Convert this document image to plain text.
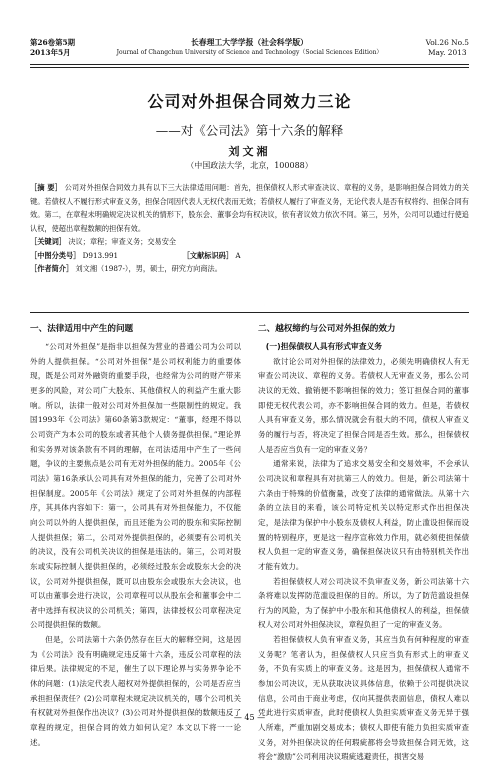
第26卷第5期
2013年5月
长春理工大学学报（社会科学版）
Journal of Changchun University of Science and Technology（Social Sciences Edition）
Vol.26 No.5
May. 2013
公司对外担保合同效力三论
——对《公司法》第十六条的解释
刘文湘
（中国政法大学，北京，100088）
［摘 要］ 公司对外担保合同效力具有以下三大法律适用问题：首先，担保债权人形式审查决议、章程的义务，是影响担保合同效力的关键。若债权人不履行形式审查义务，担保合同因代表人无权代表而无效；若债权人履行了审查义务，无论代表人是否有权将约、担保合同有效。第二，在章程未明确规定决议机关的情形下，股东会、董事会均有权决议，依有者议效力依次不同。第三，另外，公司可以通过行使追认权，使超出章程数额的担保有效。
［关键词］ 决议；章程；审查义务；交易安全
［中图分类号］ D913.991	［文献标识码］ A
［作者简介］ 刘文湘（1987-），男，硕士，研究方向商法。
一、法律适用中产生的问题

“公司对外担保”是指非以担保为营业的普通公司为公司以外的人提供担保。“公司对外担保”是公司权利能力的重要体现，既是公司对外融资的重要手段，也经常为公司的财产带来更多的风险，对公司广大股东、其他债权人的利益产生重大影响。所以，法律一般对公司对外担保加一些限制性的规定。我国1993年《公司法》第60条第3款规定：“董事，经理不得以公司资产为本公司的股东或者其他个人债务提供担保。”理论界和实务界对该条款有不同的理解，在司法适用中产生了一些问题，争议的主要焦点是公司有无对外担保的能力。2005年《公司法》第16条承认公司具有对外担保的能力，完善了公司对外担保制度。2005年《公司法》规定了公司对外担保的内部程序，其具体内容如下：第一，公司具有对外担保能力，不仅能向公司以外的人提供担保，而且还能为公司的股东和实际控制人提供担保；第二，公司对外提供担保的，必须要有公司机关的决议，没有公司机关决议的担保是违法的。第三，公司对股东或实际控制人提供担保的，必须经过股东会或股东大会的决议，公司对外提供担保，既可以由股东会或股东大会决议，也可以由董事会进行决议，公司章程可以从股东会和董事会中二者中选择有权决议的公司机关；第四，法律授权公司章程决定公司提供担保的数额。

但是，公司法第十六条仍然存在巨大的解释空间，这是因为《公司法》没有明确规定违反第十六条，违反公司章程的法律后果。法律规定的不足，催生了以下理论界与实务界争论不休的问题：(1)法定代表人超权对外提供担保的，公司是否应当承担担保责任？(2)公司章程未规定决议机关的，哪个公司机关有权就对外担保作出决议？(3)公司对外提供担保的数额违反了章程的规定，担保合同的效力如何认定？本文以下将一一论述。

二、越权缔约与公司对外担保的效力
(一)担保债权人具有形式审查义务

欲讨论公司对外担保的法律效力，必须先明确债权人有无审查公司决议、章程的义务。若债权人无审查义务，那么公司决议的无效、撤销便不影响担保的效力；签订担保合同的董事即使无权代表公司，亦不影响担保合同的效力。但是，若债权人具有审查义务，那么情况就会有很大的不同，债权人审查义务的履行与否，将决定了担保合同是否生效。那么，担保债权人是否应当负有一定的审查义务？

通常来说，法律为了追求交易安全和交易效率，不会承认公司决议和章程具有对抗第三人的效力。但是，新公司法第十六条由于特殊的价值衡量，改变了法律的通常做法。从第十六条的立法目的来看，该公司特定机关以特定形式作出担保决定，是法律为保护中小股东及债权人利益，防止滥设担保而设置的特别程序，更是这一程序宣称效力作用，就必须使担保债权人负担一定的审查义务，确保担保决议只有由特别机关作出才能有效力。

若担保债权人对公司决议不负审查义务，新公司法第十六条将难以发挥防范滥设担保的目的。所以，为了防范滥设担保行为的风险，为了保护中小股东和其他债权人的利益，担保债权人对公司对外担保决议，章程负担了一定的审查义务。

若担保债权人负有审查义务，其应当负有何种程度的审查义务呢？笔者认为，担保债权人只应当负有形式上的审查义务，不负有实质上的审查义务。这是因为，担保债权人通常不参加公司决议，无从获取决议具体信息，依赖于公司提供决议信息，公司由于商业考虑，仅向其提供表面信息，债权人难以凭此进行实质审查，此时使债权人负担实质审查义务无异于强人所难，严重加剧交易成本；债权人即使有能力负担实质审查义务，对外担保决议的任何瑕疵都将会导致担保合同无效，这将会“激励”公司利用决议瑕疵逃避责任，损害交易

— 45 —
